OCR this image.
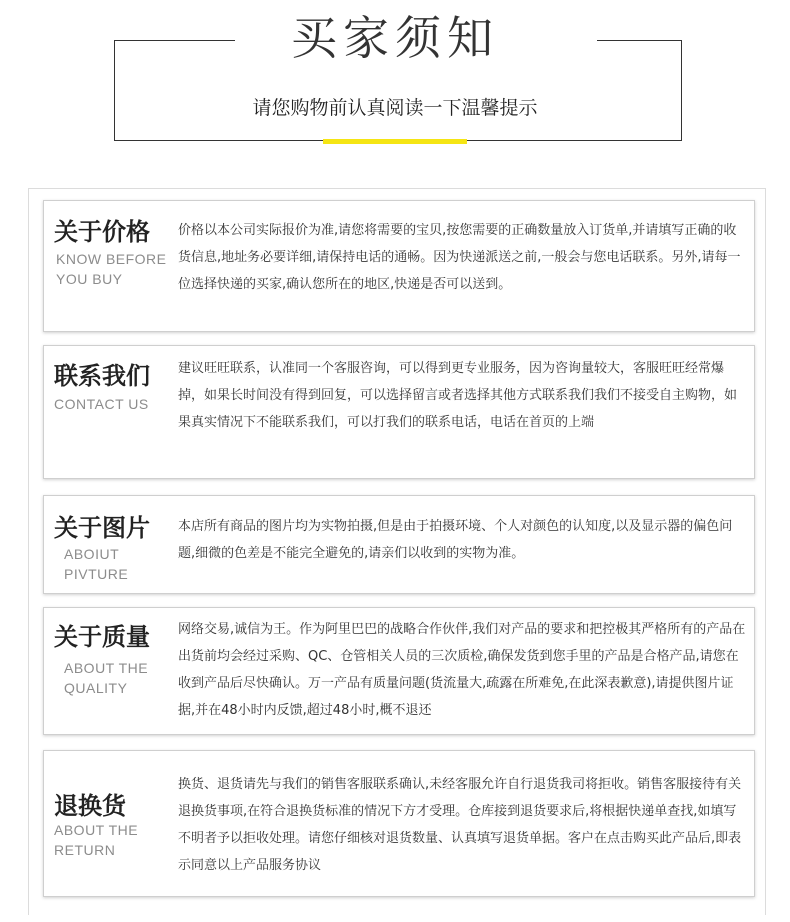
买家须知
请您购物前认真阅读一下温馨提示
关于价格
KNOW BEFORE YOU BUY
价格以本公司实际报价为准,请您将需要的宝贝,按您需要的正确数量放入订货单,并请填写正确的收货信息,地址务必要详细,请保持电话的通畅。因为快递派送之前,一般会与您电话联系。另外,请每一位选择快递的买家,确认您所在的地区,快递是否可以送到。
联系我们
CONTACT US
建议旺旺联系，认准同一个客服咨询，可以得到更专业服务，因为咨询量较大，客服旺旺经常爆掉，如果长时间没有得到回复，可以选择留言或者选择其他方式联系我们我们不接受自主购物，如果真实情况下不能联系我们，可以打我们的联系电话，电话在首页的上端
关于图片
ABOIUT PIVTURE
本店所有商品的图片均为实物拍摄,但是由于拍摄环境、个人对颜色的认知度,以及显示器的偏色问题,细微的色差是不能完全避免的,请亲们以收到的实物为准。
关于质量
ABOUT THE QUALITY
网络交易,诚信为王。作为阿里巴巴的战略合作伙伴,我们对产品的要求和把控极其严格所有的产品在出货前均会经过采购、QC、仓管相关人员的三次质检,确保发货到您手里的产品是合格产品,请您在收到产品后尽快确认。万一产品有质量问题(货流量大,疏露在所难免,在此深表歉意),请提供图片证据,并在48小时内反馈,超过48小时,概不退还
退换货
ABOUT THE RETURN
换货、退货请先与我们的销售客服联系确认,未经客服允许自行退货我司将拒收。销售客服接待有关退换货事项,在符合退换货标准的情况下方才受理。仓库接到退货要求后,将根据快递单查找,如填写不明者予以拒收处理。请您仔细核对退货数量、认真填写退货单据。客户在点击购买此产品后,即表示同意以上产品服务协议
